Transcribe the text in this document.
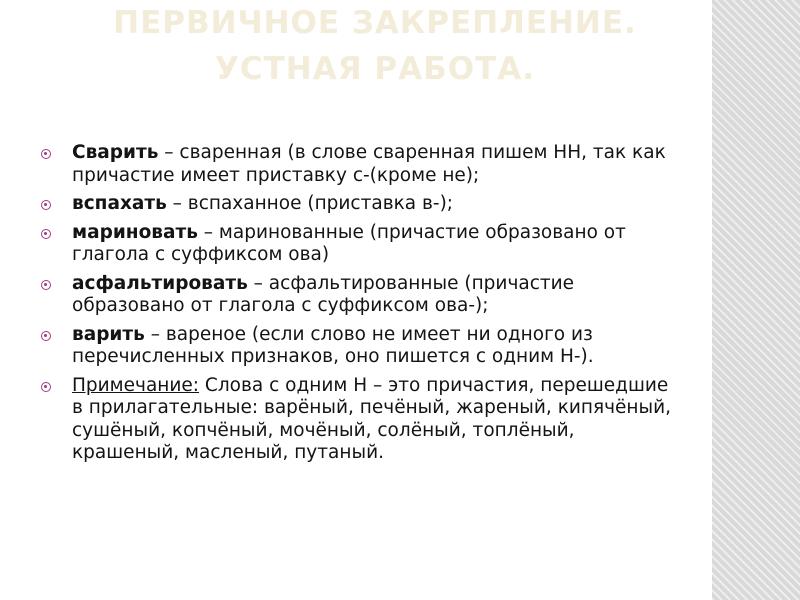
ПЕРВИЧНОЕ ЗАКРЕПЛЕНИЕ.
УСТНАЯ РАБОТА.
Сварить – сваренная (в слове сваренная пишем НН, так как причастие имеет приставку с-(кроме не);
вспахать – вспаханное (приставка в-);
мариновать – маринованные (причастие образовано от глагола с суффиксом ова)
асфальтировать – асфальтированные (причастие образовано от глагола с суффиксом ова-);
варить – вареное (если слово не имеет ни одного из перечисленных признаков, оно пишется с одним Н-).
Примечание: Слова с одним Н – это причастия, перешедшие в прилагательные: варёный, печёный, жареный, кипячёный, сушёный, копчёный, мочёный, солёный, топлёный, крашеный, масленый, путаный.
